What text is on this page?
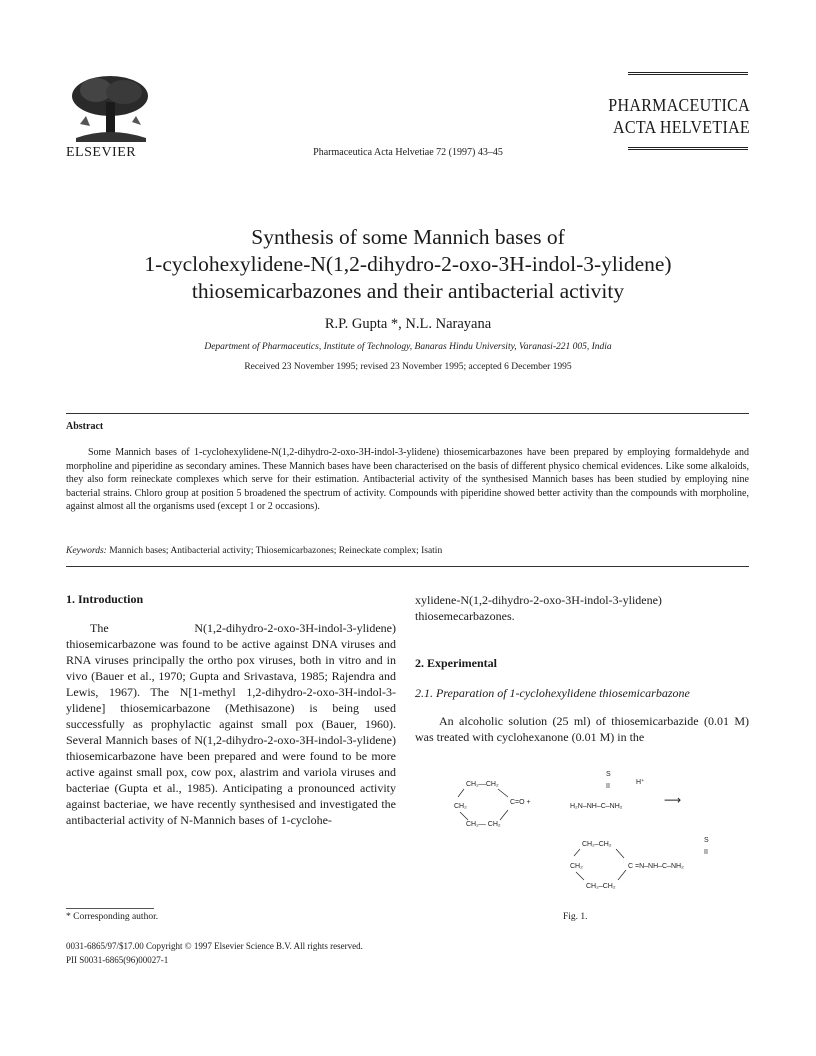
ELSEVIER	Pharmaceutica Acta Helvetiae 72 (1997) 43–45
PHARMACEUTICA
ACTA HELVETIAE
Synthesis of some Mannich bases of
1-cyclohexylidene-N(1,2-dihydro-2-oxo-3H-indol-3-ylidene)
thiosemicarbazones and their antibacterial activity
R.P. Gupta *, N.L. Narayana
Department of Pharmaceutics, Institute of Technology, Banaras Hindu University, Varanasi-221 005, India
Received 23 November 1995; revised 23 November 1995; accepted 6 December 1995
Abstract
Some Mannich bases of 1-cyclohexylidene-N(1,2-dihydro-2-oxo-3H-indol-3-ylidene) thiosemicarbazones have been prepared by employing formaldehyde and morpholine and piperidine as secondary amines. These Mannich bases have been characterised on the basis of different physico chemical evidences. Like some alkaloids, they also form reineckate complexes which serve for their estimation. Antibacterial activity of the synthesised Mannich bases has been studied by employing nine bacterial strains. Chloro group at position 5 broadened the spectrum of activity. Compounds with piperidine showed better activity than the compounds with morpholine, against almost all the organisms used (except 1 or 2 occasions).
Keywords: Mannich bases; Antibacterial activity; Thiosemicarbazones; Reineckate complex; Isatin
1. Introduction
The N(1,2-dihydro-2-oxo-3H-indol-3-ylidene) thiosemicarbazone was found to be active against DNA viruses and RNA viruses principally the ortho pox viruses, both in vitro and in vivo (Bauer et al., 1970; Gupta and Srivastava, 1985; Rajendra and Lewis, 1967). The N[1-methyl 1,2-dihydro-2-oxo-3H-indol-3-ylidene] thiosemicarbazone (Methisazone) is being used successfully as prophylactic against small pox (Bauer, 1960). Several Mannich bases of N(1,2-dihydro-2-oxo-3H-indol-3-ylidene) thiosemicarbazone have been prepared and were found to be more active against small pox, cow pox, alastrim and variola viruses and bacteriae (Gupta et al., 1985). Anticipating a pronounced activity against bacteriae, we have recently synthesised and investigated the antibacterial activity of N-Mannich bases of 1-cyclohe-
xylidene-N(1,2-dihydro-2-oxo-3H-indol-3-ylidene) thiosemecarbazones.
2. Experimental
2.1. Preparation of 1-cyclohexylidene thiosemicarbazone
An alcoholic solution (25 ml) of thiosemicarbazide (0.01 M) was treated with cyclohexanone (0.01 M) in the
CH₂—CH₂
CH₂
C=O +
CH₂— CH₂
S
II
H⁺
H₂N–NH–C–NH₂	⟶
S
II
CH₂–CH₂
CH₂	C =N–NH–C–NH₂
CH₂–CH₂
Fig. 1.
* Corresponding author.
0031-6865/97/$17.00 Copyright © 1997 Elsevier Science B.V. All rights reserved.
PII S0031-6865(96)00027-1
